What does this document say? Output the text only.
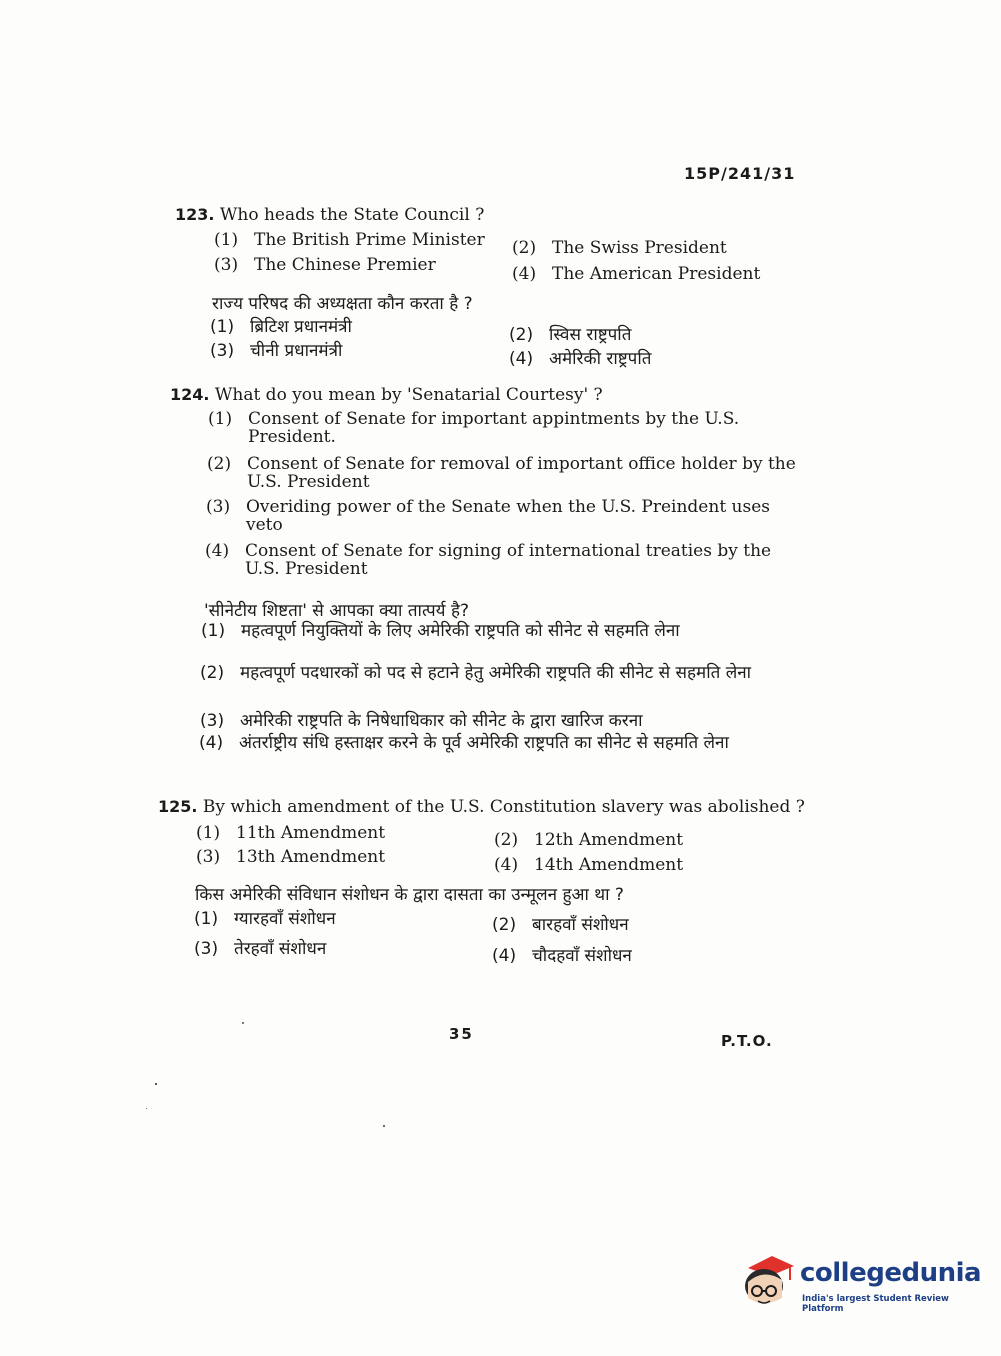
15P/241/31
123. Who heads the State Council ?
(1) The British Prime Minister (2) The Swiss President
(3) The Chinese Premier	(4) The American President
राज्य परिषद की अध्यक्षता कौन करता है ?
(1) ब्रिटिश प्रधानमंत्री	(2) स्विस राष्ट्रपति
(3) चीनी प्रधानमंत्री	(4) अमेरिकी राष्ट्रपति
124. What do you mean by 'Senatarial Courtesy' ?
(1) Consent of Senate for important appintments by the U.S. President.
(2) Consent of Senate for removal of important office holder by the U.S. President
(3) Overiding power of the Senate when the U.S. Preindent uses veto
(4) Consent of Senate for signing of international treaties by the U.S. President
'सीनेटीय शिष्टता' से आपका क्या तात्पर्य है?
(1) महत्वपूर्ण नियुक्तियों के लिए अमेरिकी राष्ट्रपति को सीनेट से सहमति लेना
(2) महत्वपूर्ण पदधारकों को पद से हटाने हेतु अमेरिकी राष्ट्रपति की सीनेट से सहमति लेना
(3) अमेरिकी राष्ट्रपति के निषेधाधिकार को सीनेट के द्वारा खारिज करना
(4) अंतर्राष्ट्रीय संधि हस्ताक्षर करने के पूर्व अमेरिकी राष्ट्रपति का सीनेट से सहमति लेना
125. By which amendment of the U.S. Constitution slavery was abolished ?
(1) 11th Amendment	(2) 12th Amendment
(3) 13th Amendment	(4) 14th Amendment
किस अमेरिकी संविधान संशोधन के द्वारा दासता का उन्मूलन हुआ था ?
(1) ग्यारहवाँ संशोधन	(2) बारहवाँ संशोधन
(3) तेरहवाँ संशोधन	(4) चौदहवाँ संशोधन
35	P.T.O.
collegedunia
India's largest Student Review Platform
